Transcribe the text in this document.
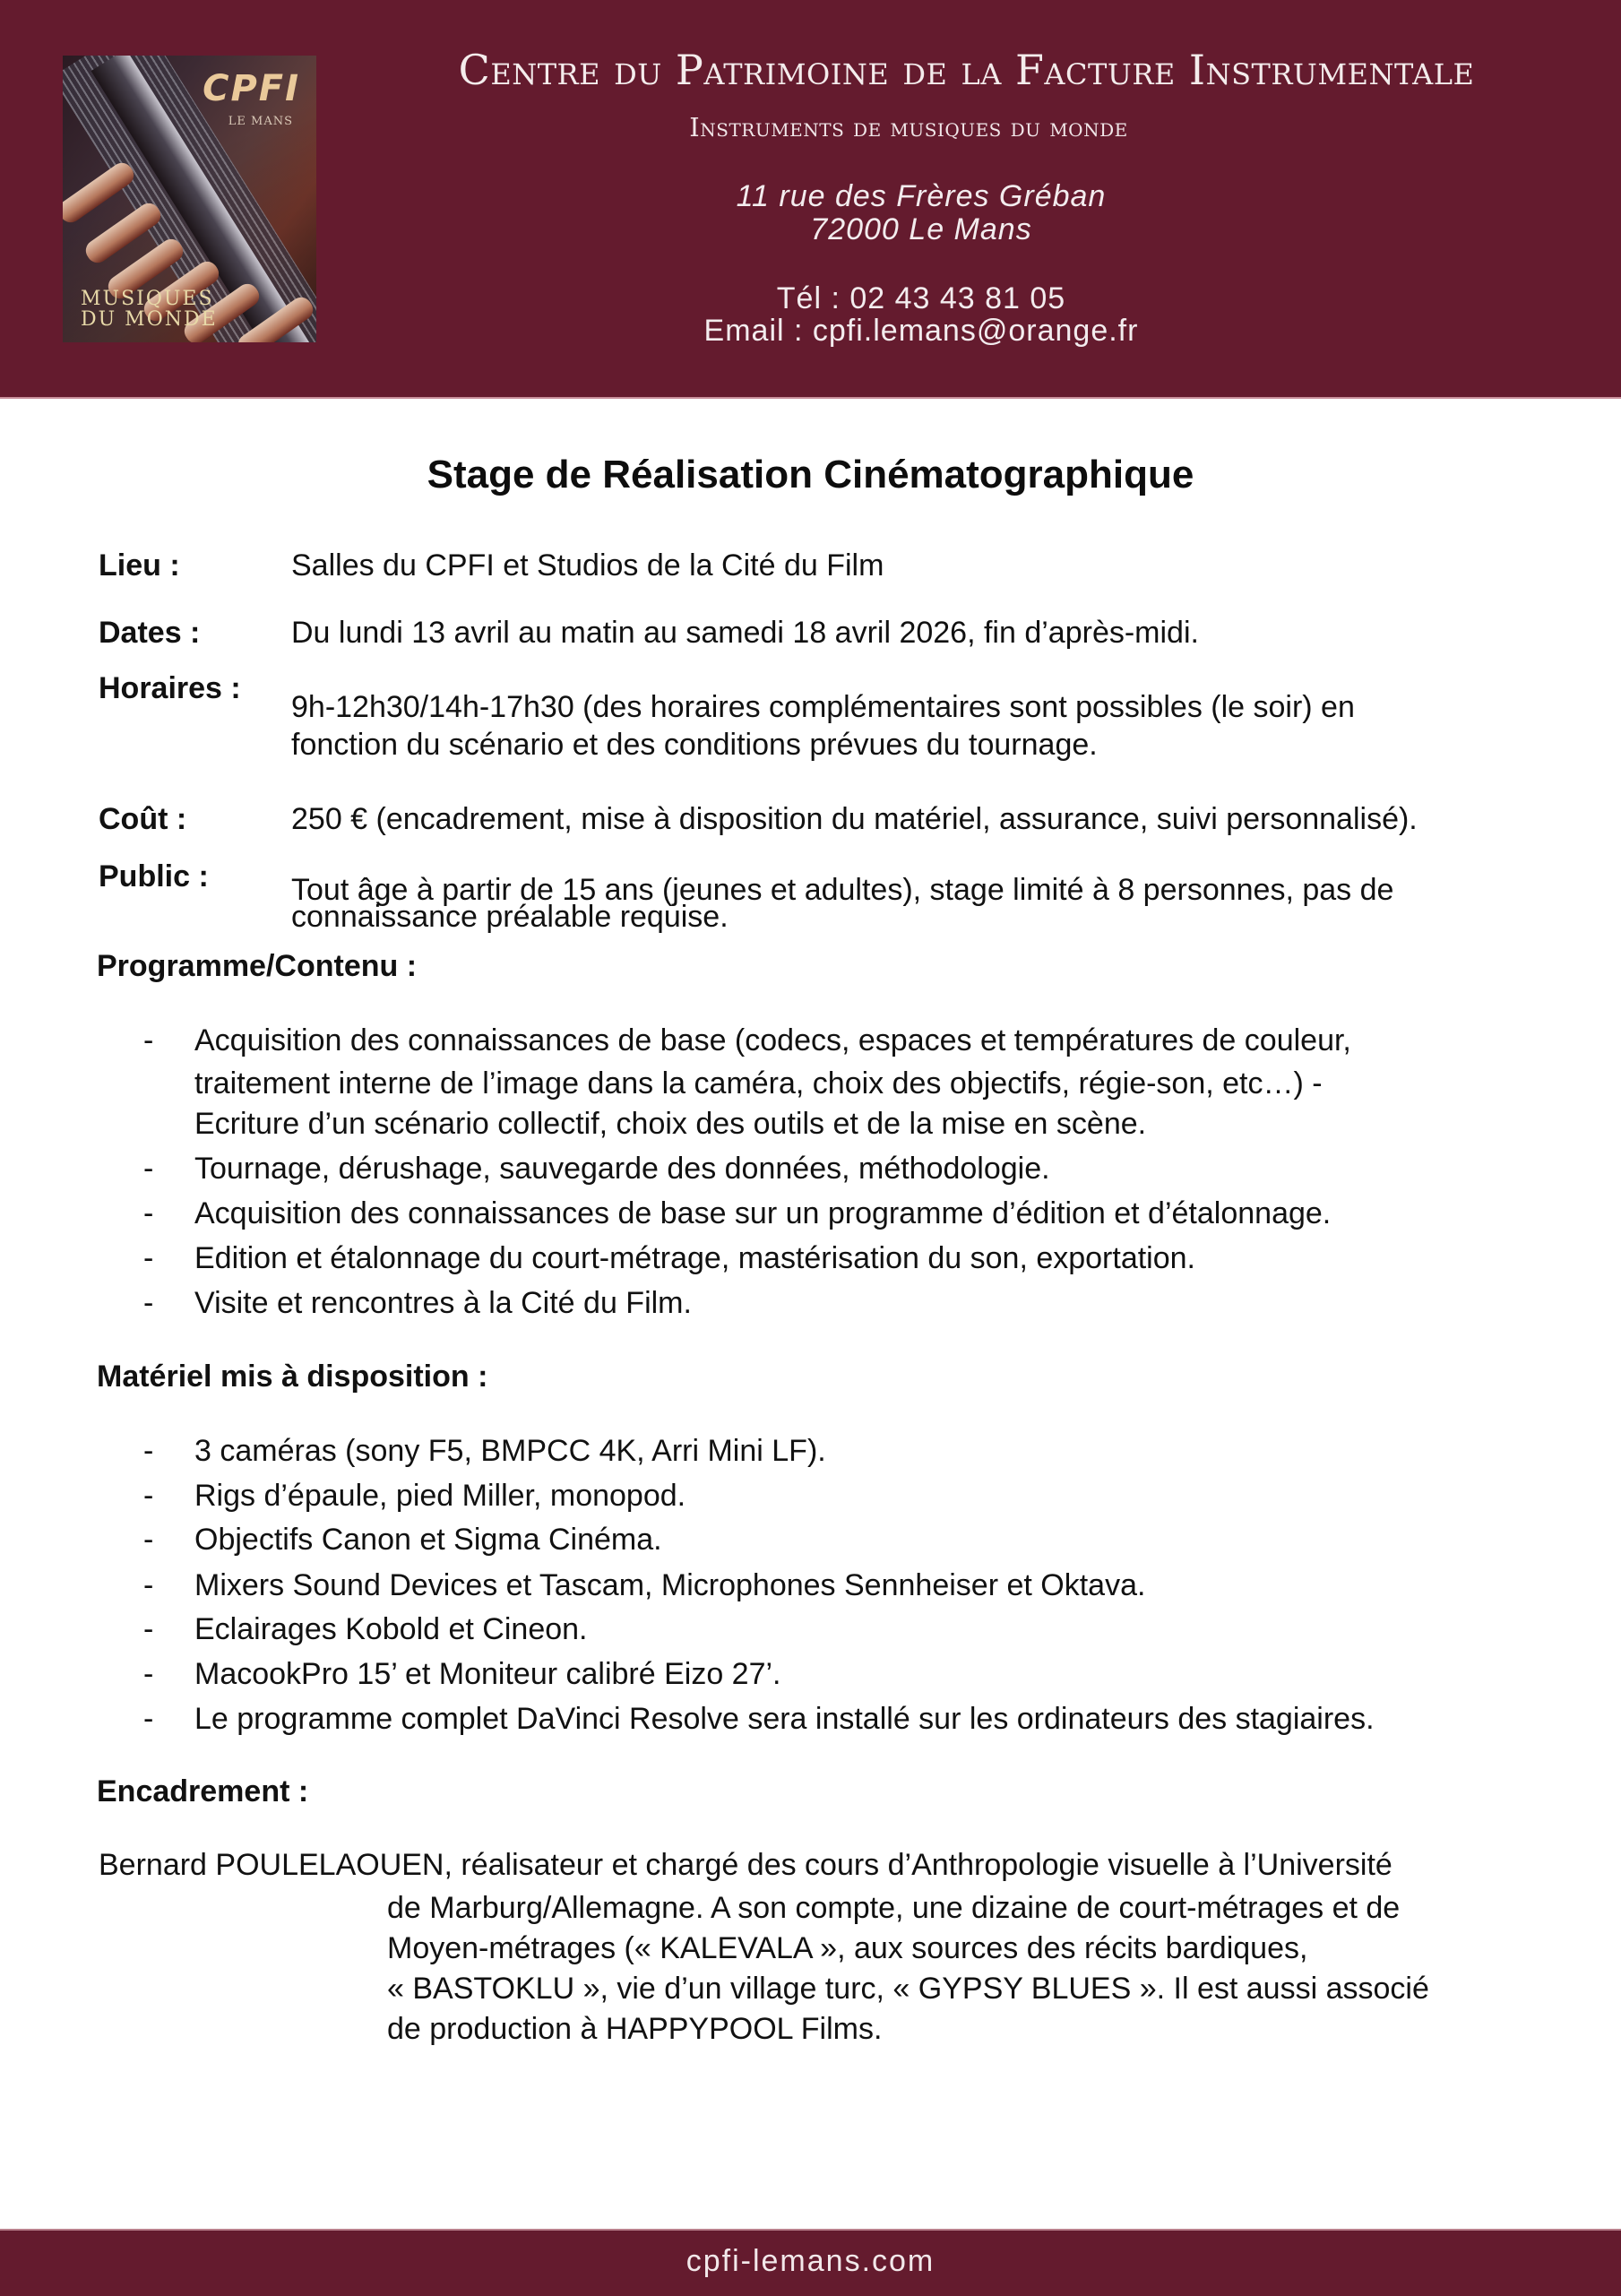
CPFI
LE MANS
MUSIQUES
DU MONDE
Centre du Patrimoine de la Facture Instrumentale
Instruments de musiques du monde
11 rue des Frères Gréban
72000 Le Mans
Tél : 02 43 43 81 05
Email : cpfi.lemans@orange.fr
Stage de Réalisation Cinématographique
Lieu :	Salles du CPFI et Studios de la Cité du Film
Dates :	Du lundi 13 avril au matin au samedi 18 avril 2026, fin d’après-midi.
Horaires :
9h-12h30/14h-17h30 (des horaires complémentaires sont possibles (le soir) en
fonction du scénario et des conditions prévues du tournage.
Coût :	250 € (encadrement, mise à disposition du matériel, assurance, suivi personnalisé).
Public :	Tout âge à partir de 15 ans (jeunes et adultes), stage limité à 8 personnes, pas de
connaissance préalable requise.
Programme/Contenu :
- Acquisition des connaissances de base (codecs, espaces et températures de couleur,
traitement interne de l’image dans la caméra, choix des objectifs, régie-son, etc…) -
Ecriture d’un scénario collectif, choix des outils et de la mise en scène.
- Tournage, dérushage, sauvegarde des données, méthodologie.
- Acquisition des connaissances de base sur un programme d’édition et d’étalonnage.
- Edition et étalonnage du court-métrage, mastérisation du son, exportation.
- Visite et rencontres à la Cité du Film.
Matériel mis à disposition :
- 3 caméras (sony F5, BMPCC 4K, Arri Mini LF).
- Rigs d’épaule, pied Miller, monopod.
- Objectifs Canon et Sigma Cinéma.
- Mixers Sound Devices et Tascam, Microphones Sennheiser et Oktava.
- Eclairages Kobold et Cineon.
- MacookPro 15’ et Moniteur calibré Eizo 27’.
- Le programme complet DaVinci Resolve sera installé sur les ordinateurs des stagiaires.
Encadrement :
Bernard POULELAOUEN, réalisateur et chargé des cours d’Anthropologie visuelle à l’Université
de Marburg/Allemagne. A son compte, une dizaine de court-métrages et de
Moyen-métrages (« KALEVALA », aux sources des récits bardiques,
« BASTOKLU », vie d’un village turc, « GYPSY BLUES ». Il est aussi associé
de production à HAPPYPOOL Films.
cpfi-lemans.com
